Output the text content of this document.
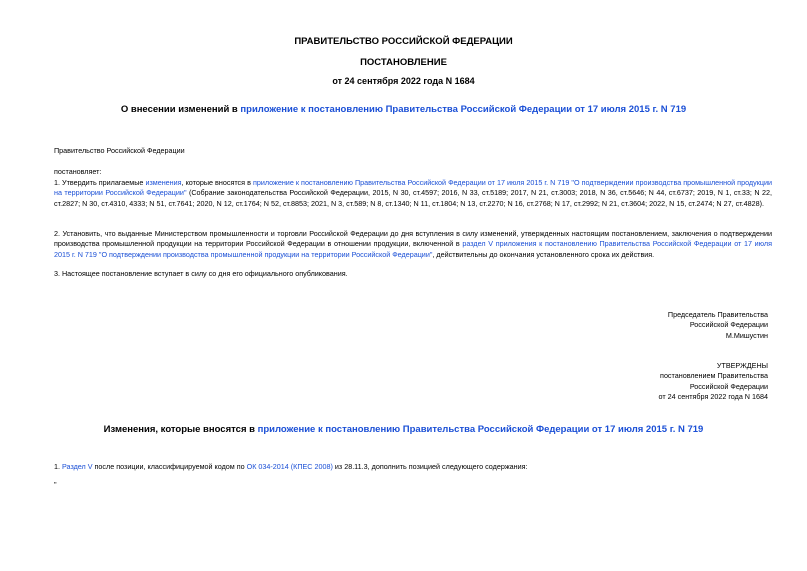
ПРАВИТЕЛЬСТВО РОССИЙСКОЙ ФЕДЕРАЦИИ
ПОСТАНОВЛЕНИЕ
от 24 сентября 2022 года N 1684
О внесении изменений в приложение к постановлению Правительства Российской Федерации от 17 июля 2015 г. N 719
Правительство Российской Федерации
постановляет:
1. Утвердить прилагаемые изменения, которые вносятся в приложение к постановлению Правительства Российской Федерации от 17 июля 2015 г. N 719 "О подтверждении производства промышленной продукции на территории Российской Федерации" (Собрание законодательства Российской Федерации, 2015, N 30, ст.4597; 2016, N 33, ст.5189; 2017, N 21, ст.3003; 2018, N 36, ст.5646; N 44, ст.6737; 2019, N 1, ст.33; N 22, ст.2827; N 30, ст.4310, 4333; N 51, ст.7641; 2020, N 12, ст.1764; N 52, ст.8853; 2021, N 3, ст.589; N 8, ст.1340; N 11, ст.1804; N 13, ст.2270; N 16, ст.2768; N 17, ст.2992; N 21, ст.3604; 2022, N 15, ст.2474; N 27, ст.4828).
2. Установить, что выданные Министерством промышленности и торговли Российской Федерации до дня вступления в силу изменений, утвержденных настоящим постановлением, заключения о подтверждении производства промышленной продукции на территории Российской Федерации в отношении продукции, включенной в раздел V приложения к постановлению Правительства Российской Федерации от 17 июля 2015 г. N 719 "О подтверждении производства промышленной продукции на территории Российской Федерации", действительны до окончания установленного срока их действия.
3. Настоящее постановление вступает в силу со дня его официального опубликования.
Председатель Правительства
Российской Федерации
М.Мишустин
УТВЕРЖДЕНЫ
постановлением Правительства
Российской Федерации
от 24 сентября 2022 года N 1684
Изменения, которые вносятся в приложение к постановлению Правительства Российской Федерации от 17 июля 2015 г. N 719
1. Раздел V после позиции, классифицируемой кодом по ОК 034-2014 (КПЕС 2008) из 28.11.3, дополнить позицией следующего содержания:
"
